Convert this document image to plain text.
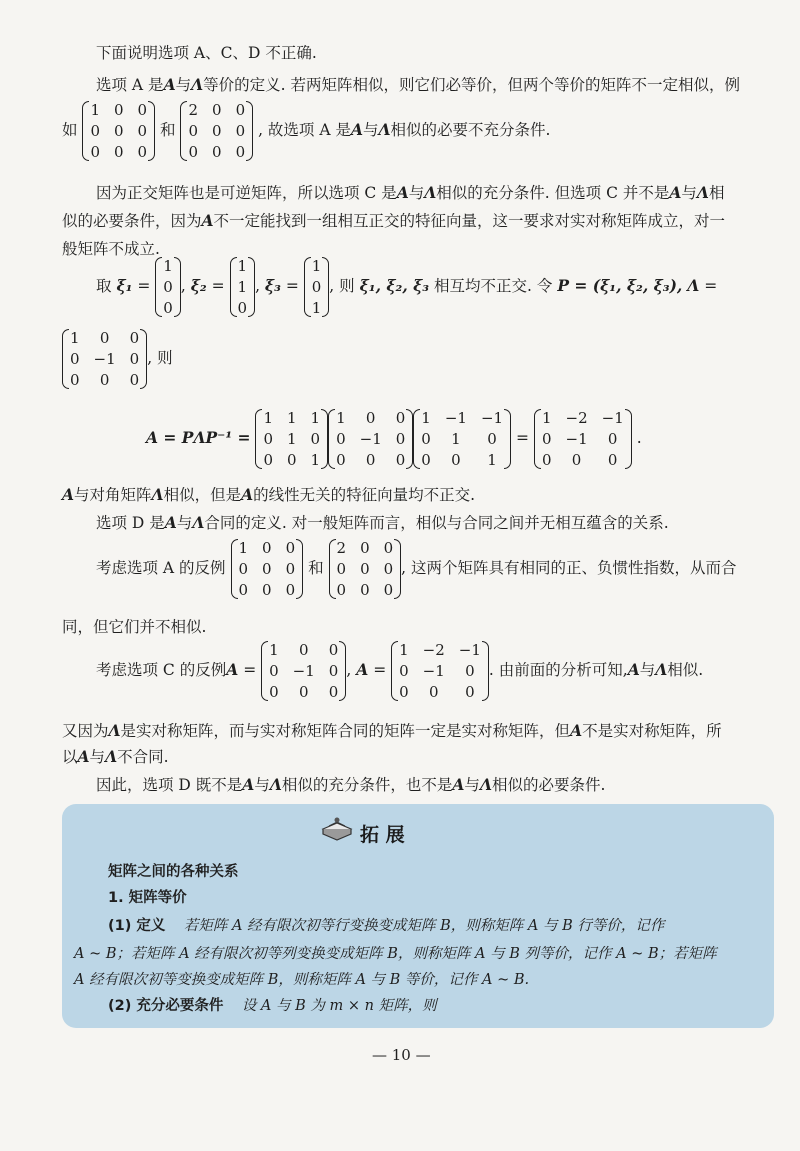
下面说明选项 A、C、D 不正确.

选项 A 是A与Λ等价的定义. 若两矩阵相似，则它们必等价，但两个等价的矩阵不一定相似，例

如
1 0 0
0 0 0
0 0 0
和
2 0 0
0 0 0
0 0 0
, 故选项 A 是A与Λ相似的必要不充分条件.

因为正交矩阵也是可逆矩阵，所以选项 C 是A与Λ相似的充分条件. 但选项 C 并不是A与Λ相

似的必要条件，因为A不一定能找到一组相互正交的特征向量，这一要求对实对称矩阵成立，对一

般矩阵不成立.

取 ξ₁ =
1
0
0
, ξ₂ =
1
1
0
, ξ₃ =
1
0
1
, 则 ξ₁, ξ₂, ξ₃ 相互均不正交. 令 P = (ξ₁, ξ₂, ξ₃), Λ =
1	0	0
0 −1 0
0	0	0
, 则
A = PΛP⁻¹ =
1 1 1
0 1 0
0 0 1
1	0	0
0 −1 0
0	0	0
1 −1 −1
0	1	0
0	0	1
=
1 −2 −1
0 −1	0
0	0	0
.

A与对角矩阵Λ相似，但是A的线性无关的特征向量均不正交.

选项 D 是A与Λ合同的定义. 对一般矩阵而言，相似与合同之间并无相互蕴含的关系.

考虑选项 A 的反例
1 0 0
0 0 0
0 0 0
和
2 0 0
0 0 0
0 0 0
, 这两个矩阵具有相同的正、负惯性指数，从而合

同，但它们并不相似.

考虑选项 C 的反例A =
1	0	0
0 −1 0
0	0	0
, A =
1 −2 −1
0 −1	0
0	0	0
. 由前面的分析可知,A与Λ相似.

又因为Λ是实对称矩阵，而与实对称矩阵合同的矩阵一定是实对称矩阵，但A不是实对称矩阵，所

以A与Λ不合同.

因此，选项 D 既不是A与Λ相似的充分条件，也不是A与Λ相似的必要条件.

拓 展

矩阵之间的各种关系

1. 矩阵等价

(1) 定义 若矩阵 A 经有限次初等行变换变成矩阵 B，则称矩阵 A 与 B 行等价，记作

A ~ B；若矩阵 A 经有限次初等列变换变成矩阵 B，则称矩阵 A 与 B 列等价，记作 A ~ B；若矩阵

A 经有限次初等变换变成矩阵 B，则称矩阵 A 与 B 等价，记作 A ~ B.

(2) 充分必要条件 设 A 与 B 为 m × n 矩阵，则

— 10 —
